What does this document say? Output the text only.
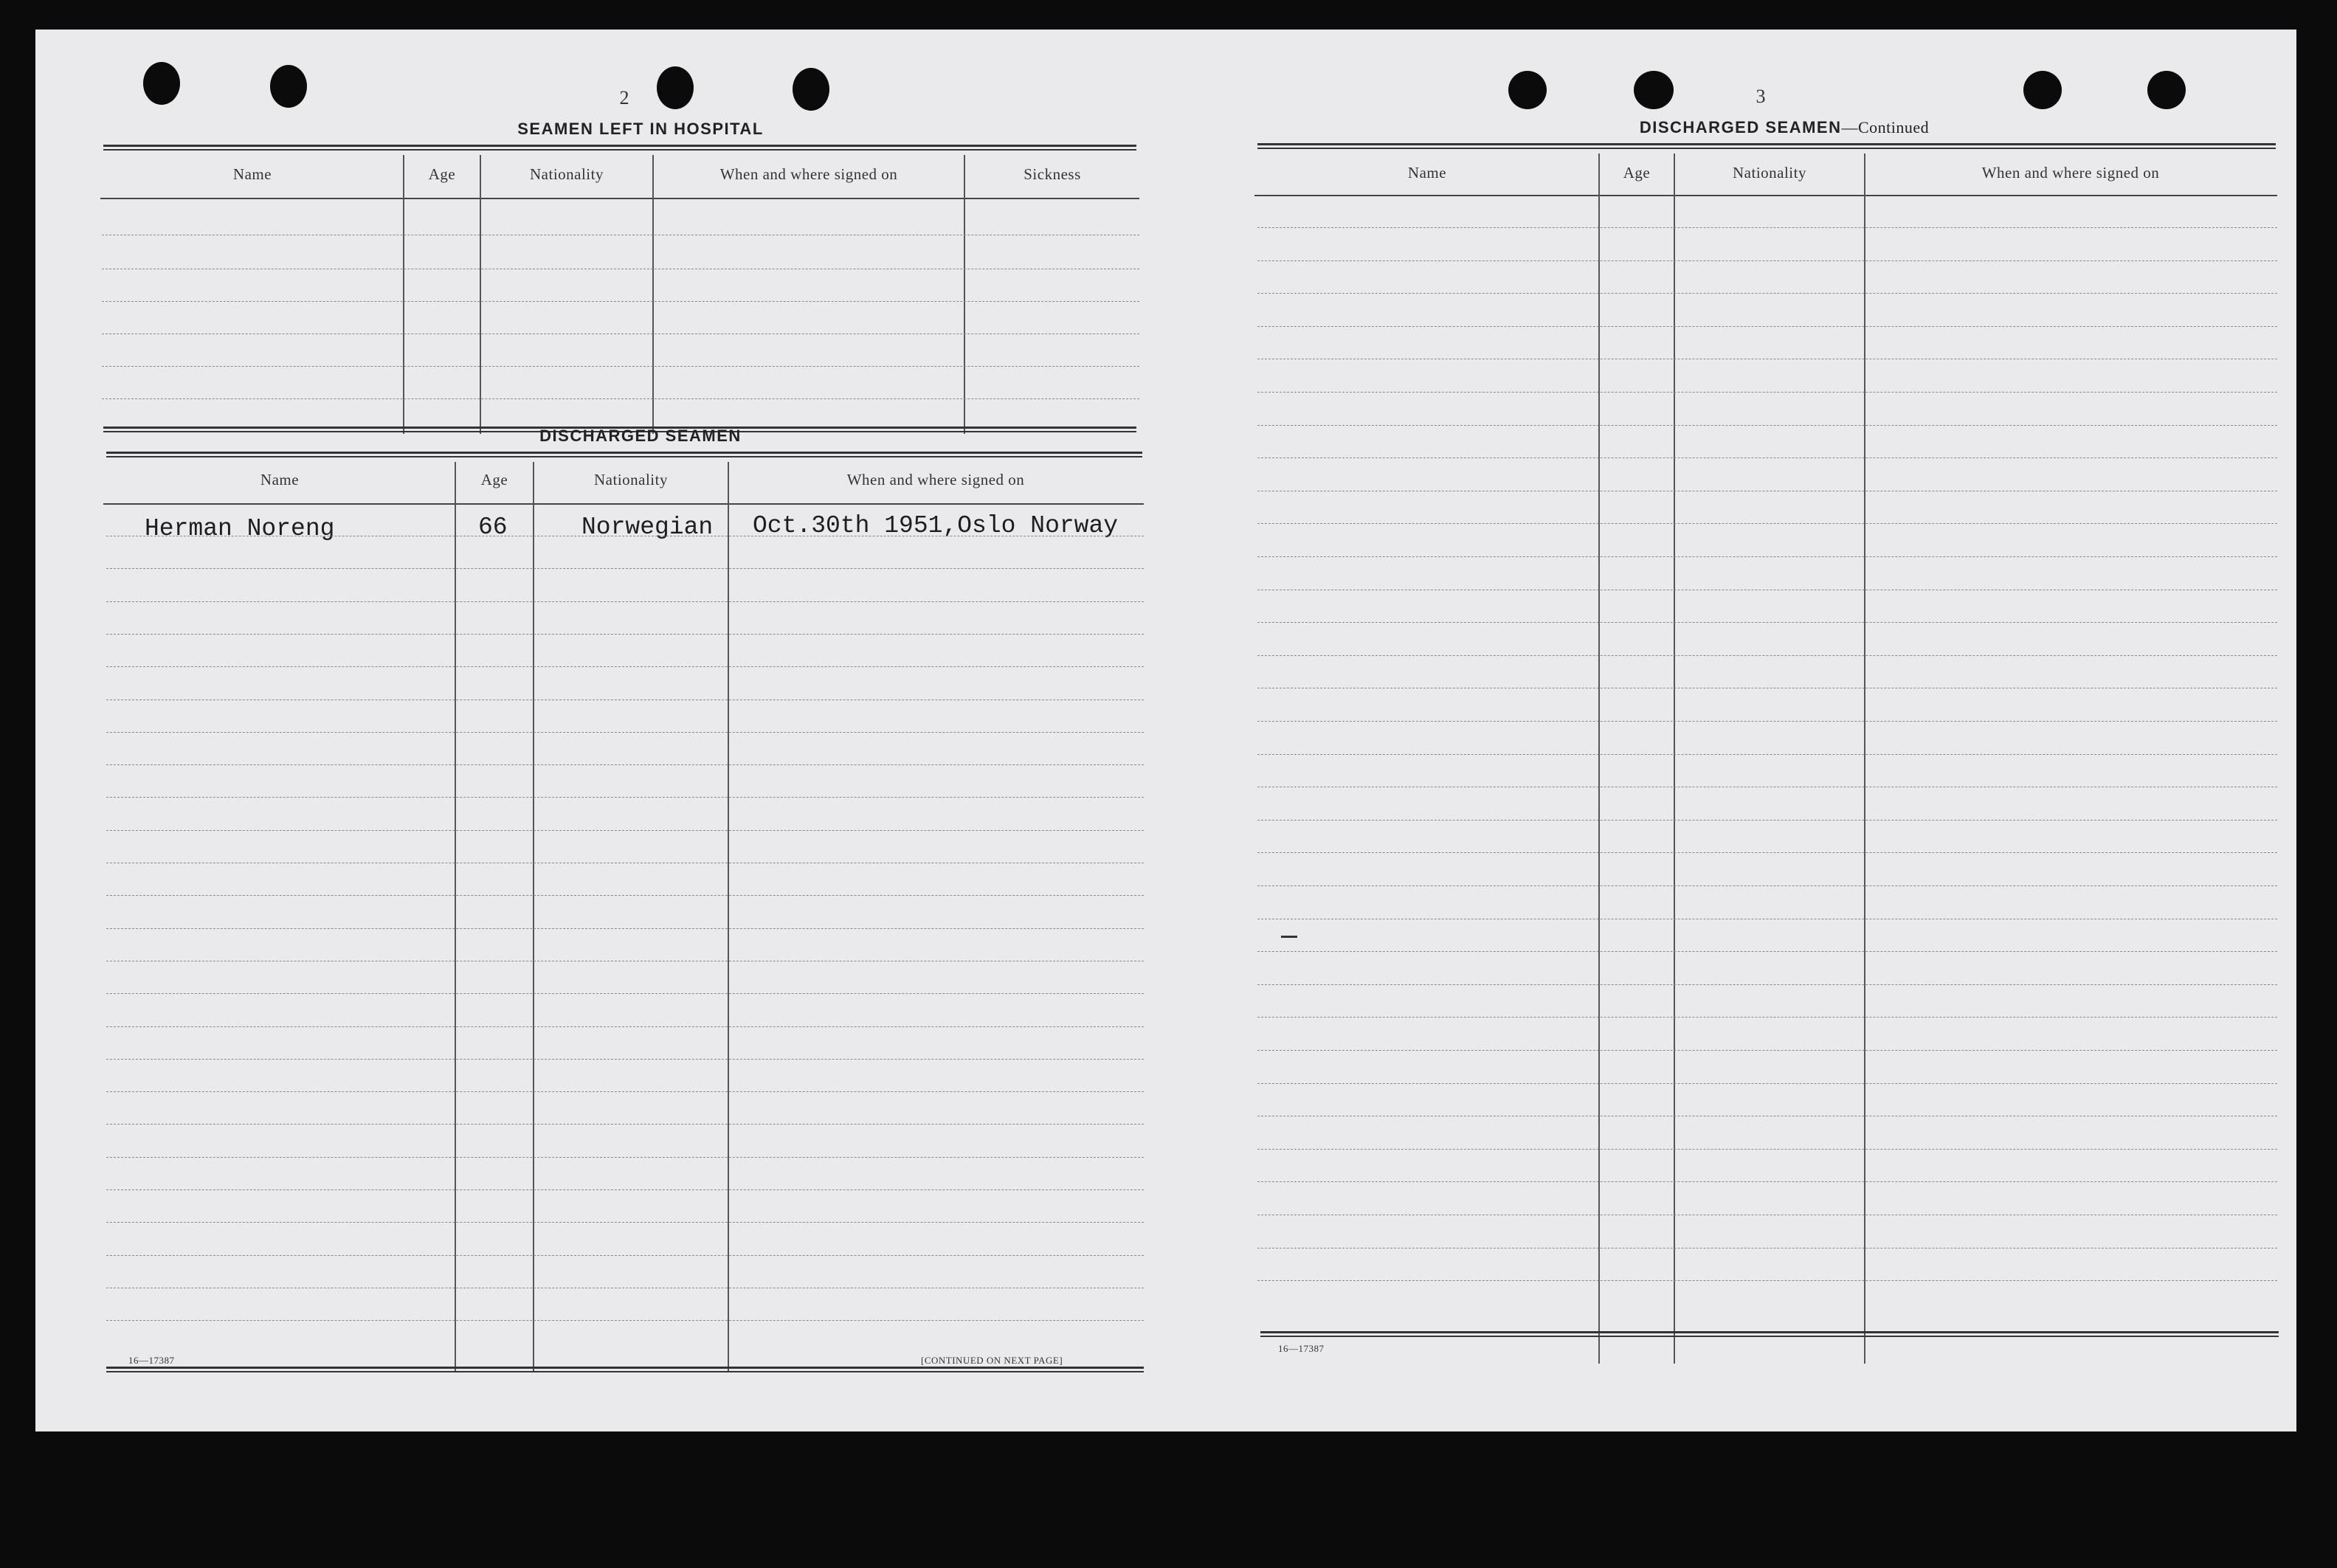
2
SEAMEN LEFT IN HOSPITAL
Name	Age	Nationality	When and where signed on	Sickness
DISCHARGED SEAMEN
Name	Age	Nationality	When and where signed on
Herman Noreng	66	Norwegian Oct.30th 1951,Oslo Norway
16—17387	[CONTINUED ON NEXT PAGE]
3
DISCHARGED SEAMEN—Continued
Name	Age	Nationality	When and where signed on
16—17387
